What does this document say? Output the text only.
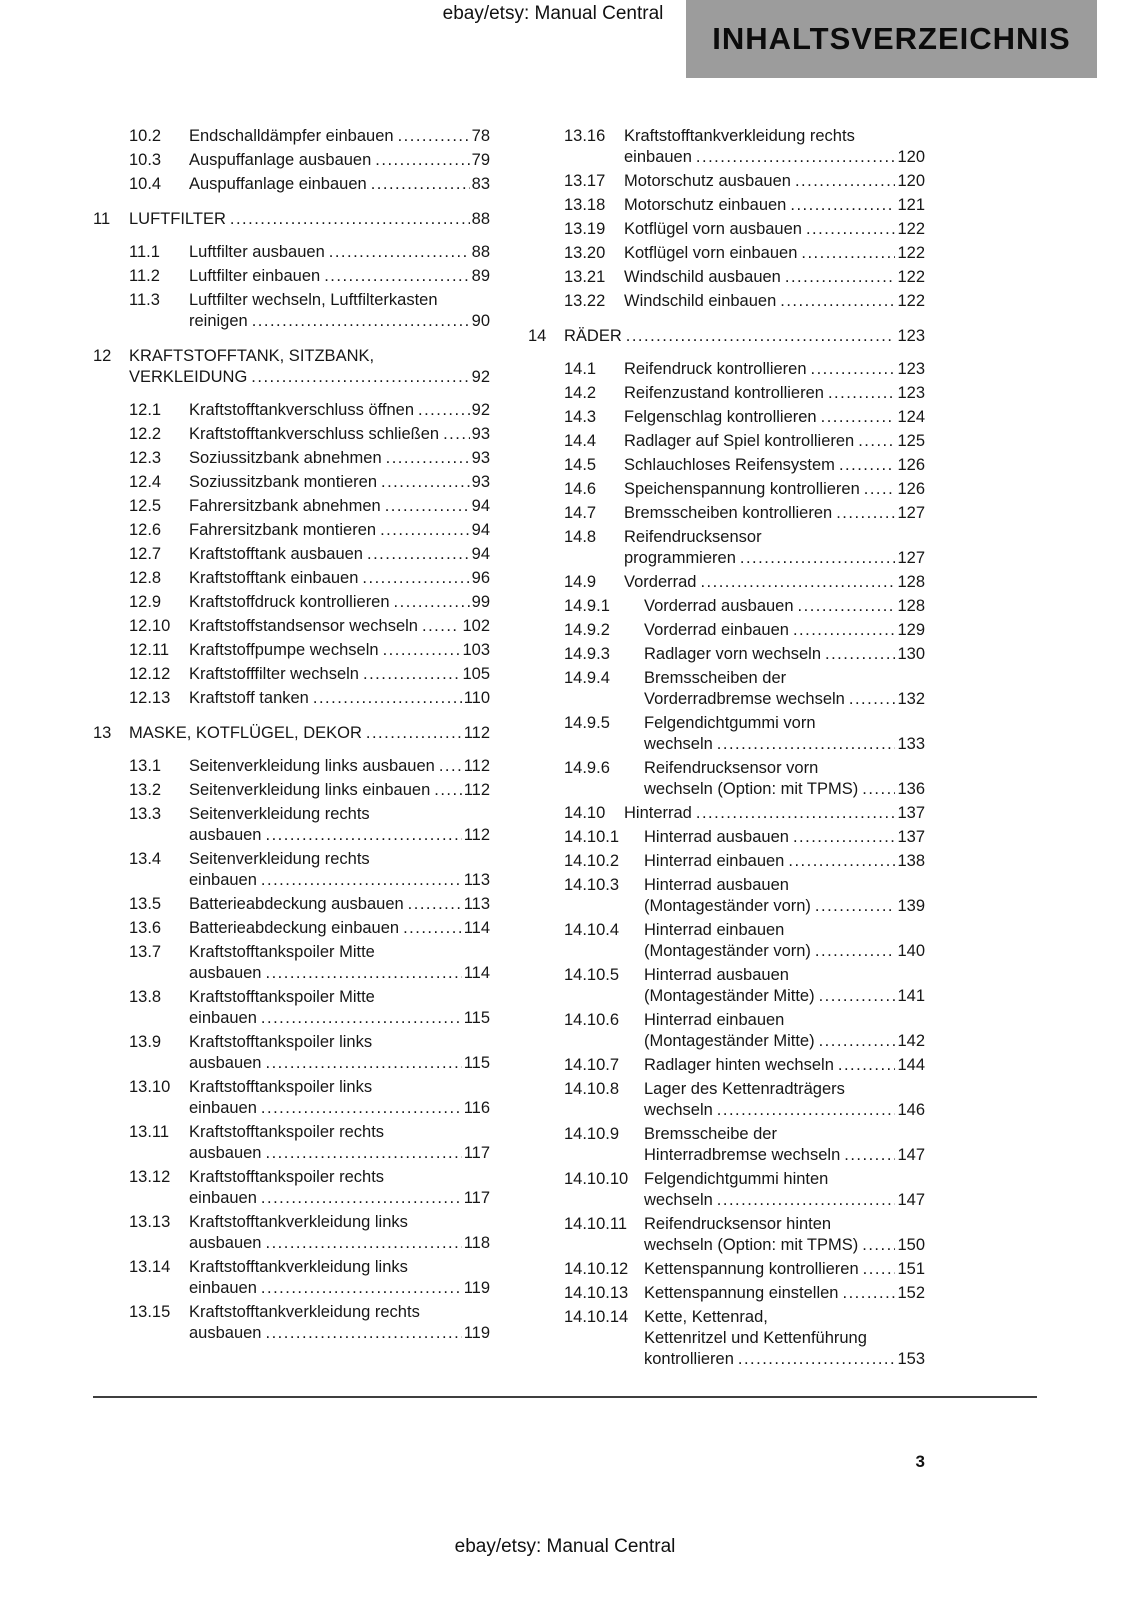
ebay/etsy: Manual Central
INHALTSVERZEICHNIS
10.2	Endschalldämpfer einbauen .....	78
10.3	Auspuffanlage ausbauen .....	79
10.4	Auspuffanlage einbauen .....	83
11	LUFTFILTER .....	88
11.1	Luftfilter ausbauen .....	88
11.2	Luftfilter einbauen .....	89
11.3	Luftfilter wechseln, Luftfilterkasten
reinigen .....	90
12	KRAFTSTOFFTANK, SITZBANK,
VERKLEIDUNG .....	92
12.1	Kraftstofftankverschluss öffnen .....	92
12.2	Kraftstofftankverschluss schließen ..... 93
12.3	Soziussitzbank abnehmen .....	93
12.4	Soziussitzbank montieren .....	93
12.5	Fahrersitzbank abnehmen .....	94
12.6	Fahrersitzbank montieren .....	94
12.7	Kraftstofftank ausbauen .....	94
12.8	Kraftstofftank einbauen .....	96
12.9	Kraftstoffdruck kontrollieren .....	99
12.10	Kraftstoffstandsensor wechseln .....	102
12.11	Kraftstoffpumpe wechseln .....	103
12.12	Kraftstofffilter wechseln .....	105
12.13	Kraftstoff tanken .....	110
13	MASKE, KOTFLÜGEL, DEKOR .....	112
13.1	Seitenverkleidung links ausbauen ..... 112
13.2	Seitenverkleidung links einbauen ..... 112
13.3	Seitenverkleidung rechts
ausbauen .....	112
13.4	Seitenverkleidung rechts
einbauen .....	113
13.5	Batterieabdeckung ausbauen .....	113
13.6	Batterieabdeckung einbauen .....	114
13.7	Kraftstofftankspoiler Mitte
ausbauen .....	114
13.8	Kraftstofftankspoiler Mitte
einbauen .....	115
13.9	Kraftstofftankspoiler links
ausbauen .....	115
13.10	Kraftstofftankspoiler links
einbauen .....	116
13.11	Kraftstofftankspoiler rechts
ausbauen .....	117
13.12	Kraftstofftankspoiler rechts
einbauen .....	117
13.13	Kraftstofftankverkleidung links
ausbauen .....	118
13.14	Kraftstofftankverkleidung links
einbauen .....	119
13.15	Kraftstofftankverkleidung rechts
ausbauen .....	119
13.16	Kraftstofftankverkleidung rechts
einbauen .....	120
13.17	Motorschutz ausbauen .....	120
13.18	Motorschutz einbauen .....	121
13.19	Kotflügel vorn ausbauen .....	122
13.20	Kotflügel vorn einbauen .....	122
13.21	Windschild ausbauen .....	122
13.22	Windschild einbauen .....	122
14	RÄDER .....	123
14.1	Reifendruck kontrollieren .....	123
14.2	Reifenzustand kontrollieren .....	123
14.3	Felgenschlag kontrollieren .....	124
14.4	Radlager auf Spiel kontrollieren .....	125
14.5	Schlauchloses Reifensystem .....	126
14.6	Speichenspannung kontrollieren ..... 126
14.7	Bremsscheiben kontrollieren .....	127
14.8	Reifendrucksensor
programmieren .....	127
14.9	Vorderrad .....	128
14.9.1	Vorderrad ausbauen .....	128
14.9.2	Vorderrad einbauen .....	129
14.9.3	Radlager vorn wechseln .....	130
14.9.4	Bremsscheiben der
Vorderradbremse wechseln .....	132
14.9.5	Felgendichtgummi vorn
wechseln .....	133
14.9.6	Reifendrucksensor vorn
wechseln (Option: mit TPMS) ..... 136
14.10	Hinterrad .....	137
14.10.1	Hinterrad ausbauen .....	137
14.10.2	Hinterrad einbauen .....	138
14.10.3	Hinterrad ausbauen
(Montageständer vorn) .....	139
14.10.4	Hinterrad einbauen
(Montageständer vorn) .....	140
14.10.5	Hinterrad ausbauen
(Montageständer Mitte) .....	141
14.10.6	Hinterrad einbauen
(Montageständer Mitte) .....	142
14.10.7	Radlager hinten wechseln .....	144
14.10.8	Lager des Kettenradträgers
wechseln .....	146
14.10.9	Bremsscheibe der
Hinterradbremse wechseln .....	147
14.10.10 Felgendichtgummi hinten
wechseln .....	147
14.10.11	Reifendrucksensor hinten
wechseln (Option: mit TPMS) ..... 150
14.10.12 Kettenspannung kontrollieren ..... 151
14.10.13 Kettenspannung einstellen .....	152
14.10.14 Kette, Kettenrad,
Kettenritzel und Kettenführung
kontrollieren .....	153
3
ebay/etsy: Manual Central
